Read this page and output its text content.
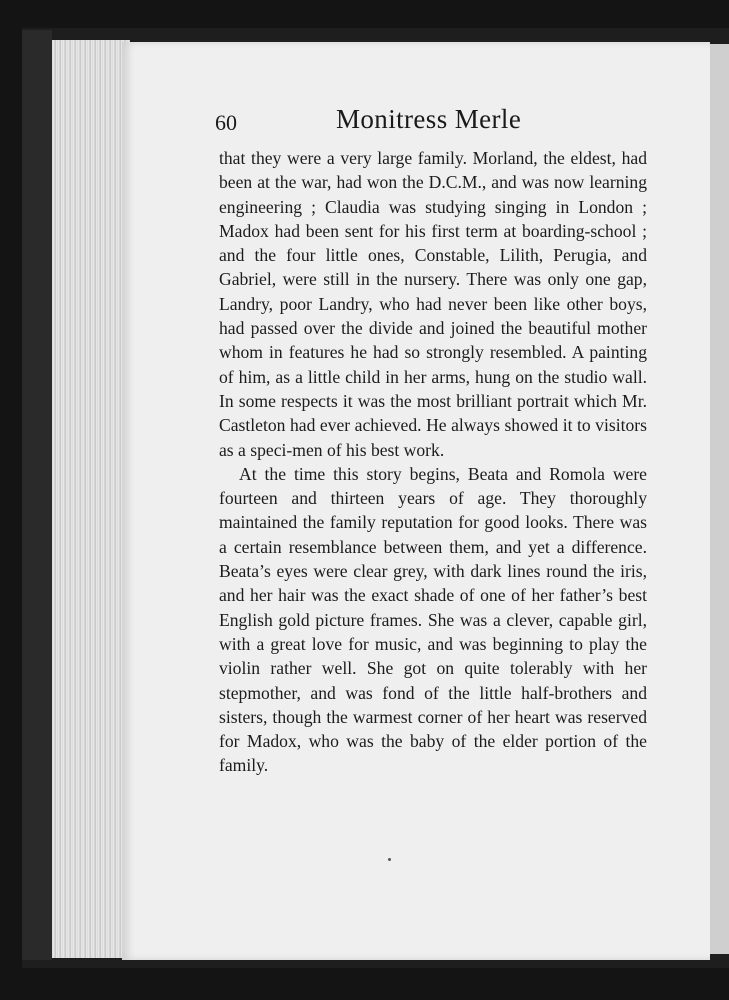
60	Monitress Merle

that they were a very large family. Morland, the eldest, had been at the war, had won the D.C.M., and was now learning engineering ; Claudia was studying singing in London ; Madox had been sent for his first term at boarding-school ; and the four little ones, Constable, Lilith, Perugia, and Gabriel, were still in the nursery. There was only one gap, Landry, poor Landry, who had never been like other boys, had passed over the divide and joined the beautiful mother whom in features he had so strongly resembled. A painting of him, as a little child in her arms, hung on the studio wall. In some respects it was the most brilliant portrait which Mr. Castleton had ever achieved. He always showed it to visitors as a speci-men of his best work.

At the time this story begins, Beata and Romola were fourteen and thirteen years of age. They thoroughly maintained the family reputation for good looks. There was a certain resemblance between them, and yet a difference. Beata’s eyes were clear grey, with dark lines round the iris, and her hair was the exact shade of one of her father’s best English gold picture frames. She was a clever, capable girl, with a great love for music, and was beginning to play the violin rather well. She got on quite tolerably with her stepmother, and was fond of the little half-brothers and sisters, though the warmest corner of her heart was reserved for Madox, who was the baby of the elder portion of the family.
